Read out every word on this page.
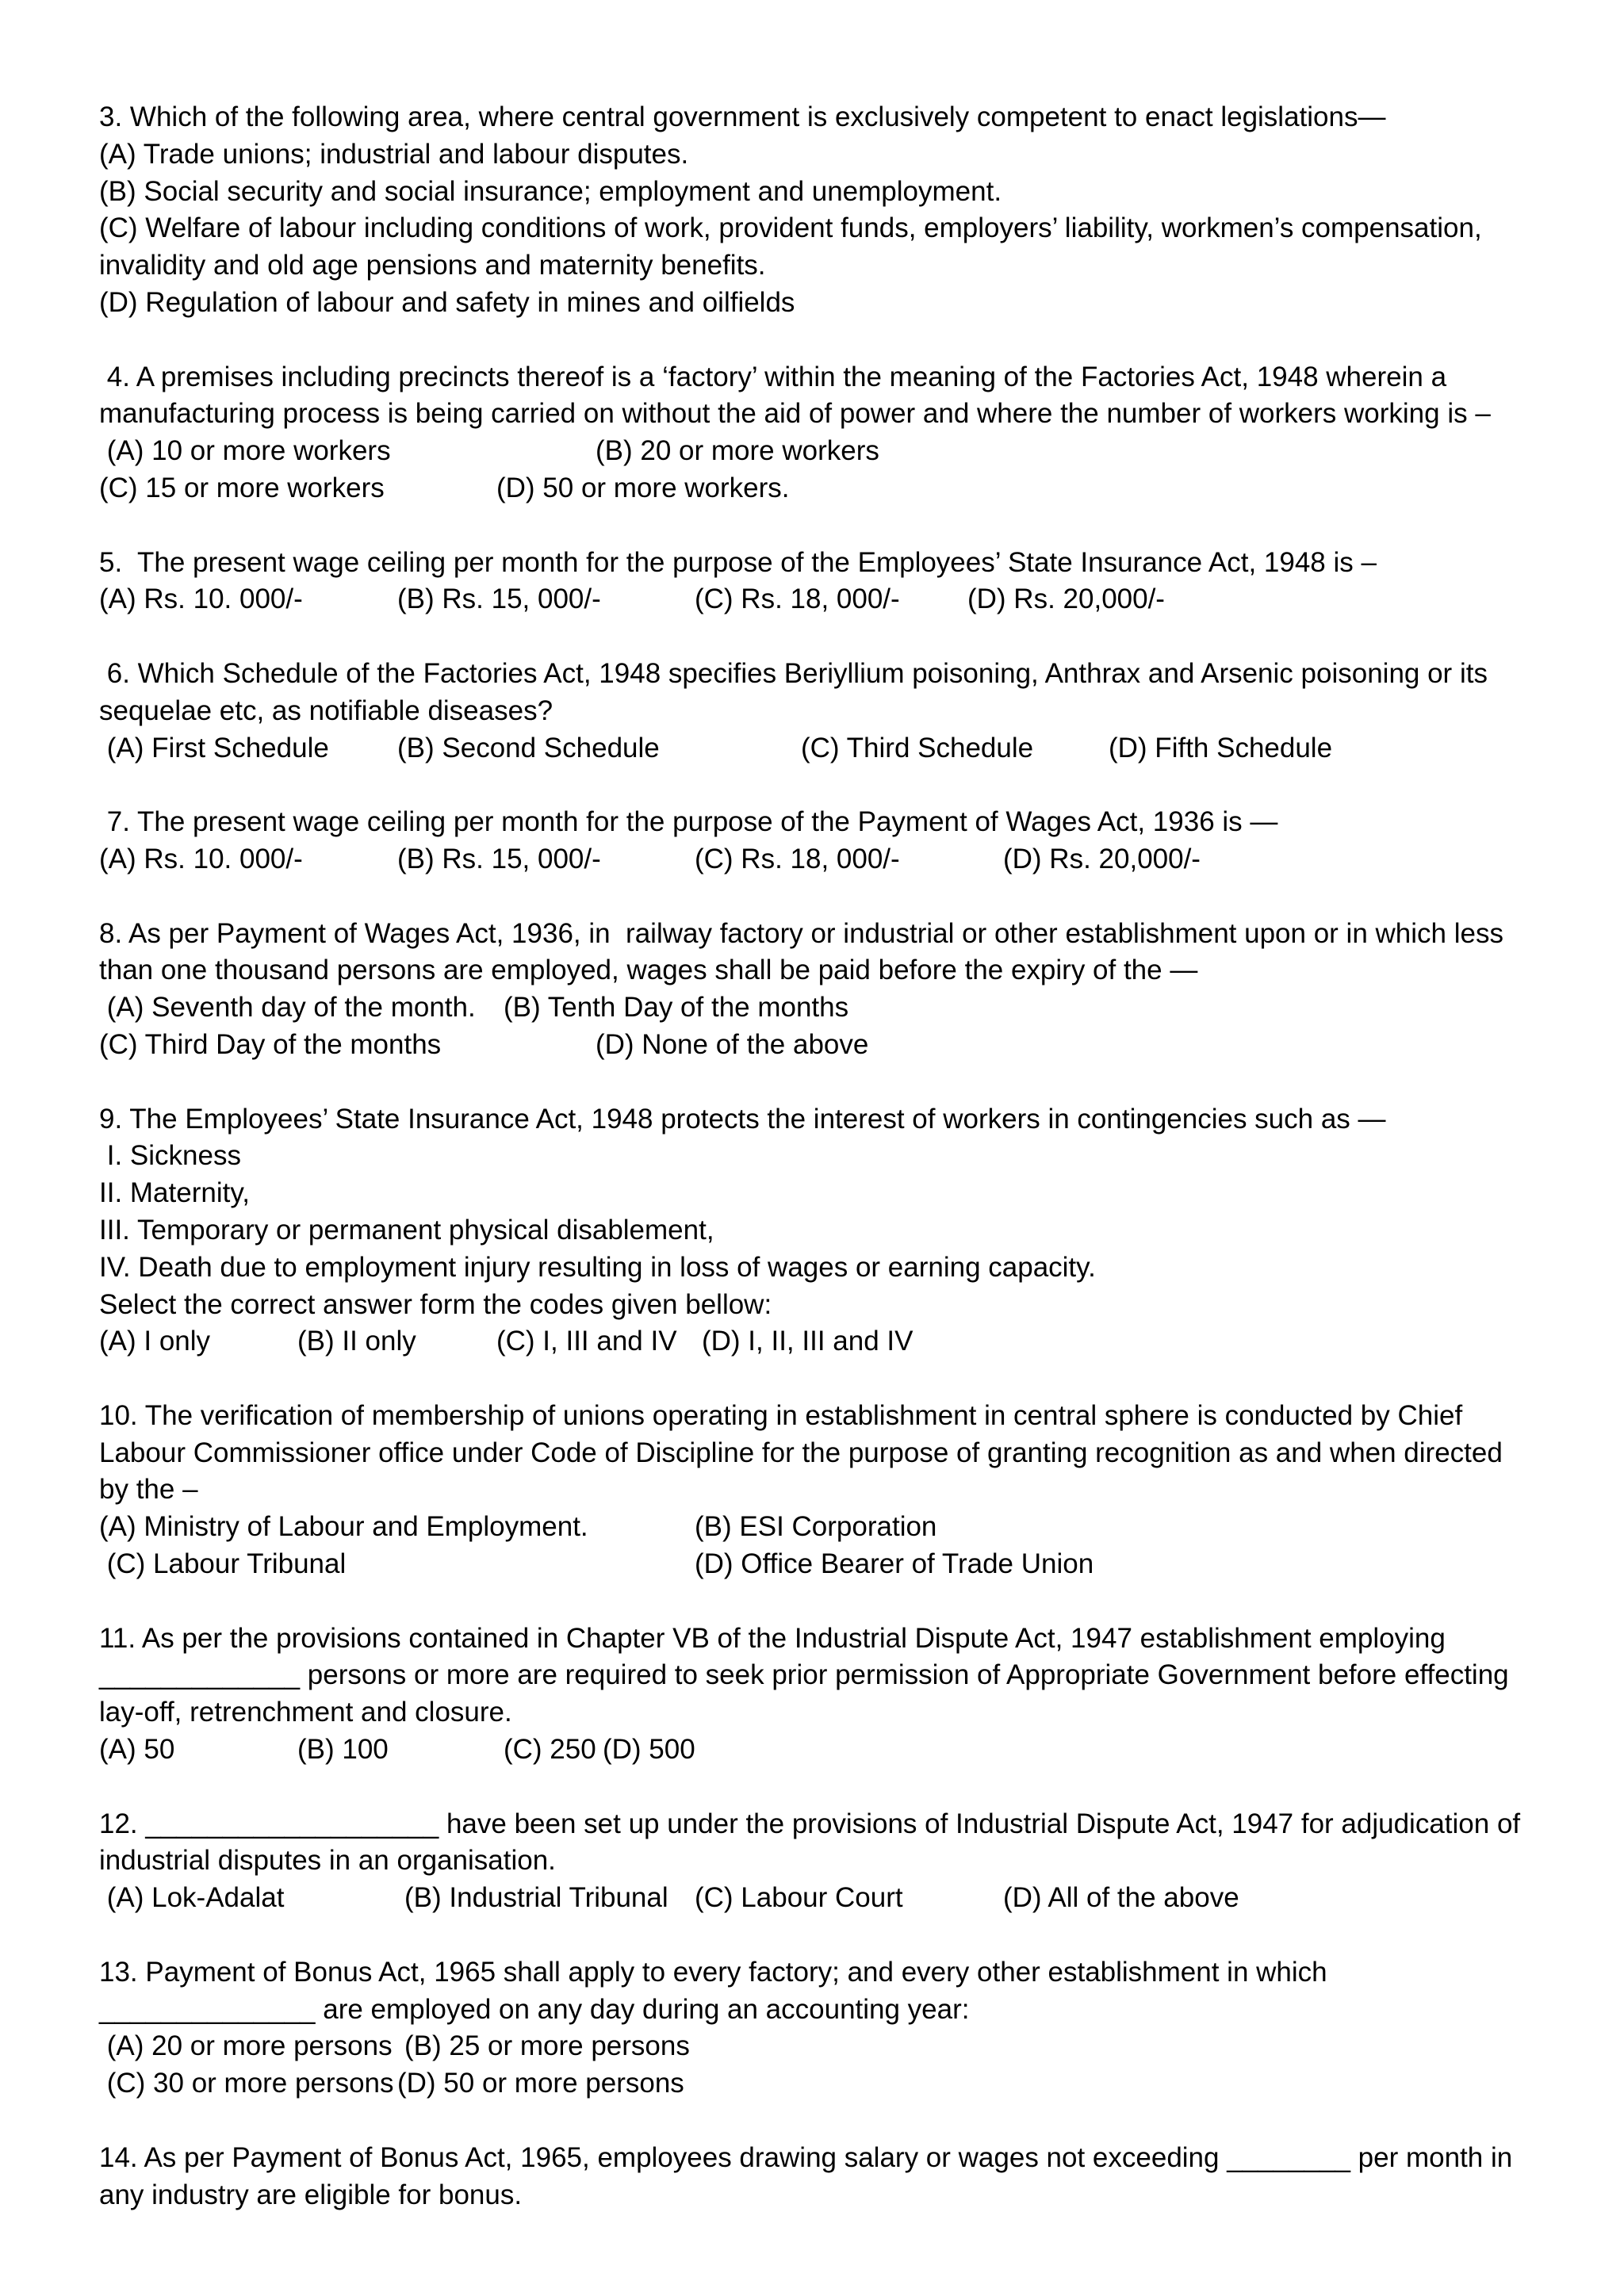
3. Which of the following area, where central government is exclusively competent to enact legislations—
(A) Trade unions; industrial and labour disputes.
(B) Social security and social insurance; employment and unemployment.
(C) Welfare of labour including conditions of work, provident funds, employers’ liability, workmen’s compensation,
invalidity and old age pensions and maternity benefits.
(D) Regulation of labour and safety in mines and oilfields
4. A premises including precincts thereof is a ‘factory’ within the meaning of the Factories Act, 1948 wherein a
manufacturing process is being carried on without the aid of power and where the number of workers working is –

(A) 10 or more workers

	(B) 20 or more workers

(C) 15 or more workers

	(D) 50 or more workers.

5.  The present wage ceiling per month for the purpose of the Employees’ State Insurance Act, 1948 is –

(A) Rs. 10. 000/-

	(B) Rs. 15, 000/-

	(C) Rs. 18, 000/-

(D) Rs. 20,000/-

6. Which Schedule of the Factories Act, 1948 specifies Beriyllium poisoning, Anthrax and Arsenic poisoning or its
sequelae etc, as notifiable diseases?

(A) First Schedule

(B) Second Schedule

	(C) Third Schedule

	(D) Fifth Schedule

7. The present wage ceiling per month for the purpose of the Payment of Wages Act, 1936 is —

(A) Rs. 10. 000/-

	(B) Rs. 15, 000/-

	(C) Rs. 18, 000/-

	(D) Rs. 20,000/-

8. As per Payment of Wages Act, 1936, in  railway factory or industrial or other establishment upon or in which less
than one thousand persons are employed, wages shall be paid before the expiry of the —

(A) Seventh day of the month.

(B) Tenth Day of the months

(C) Third Day of the months

	(D) None of the above

9. The Employees’ State Insurance Act, 1948 protects the interest of workers in contingencies such as —
I. Sickness
II. Maternity,
III. Temporary or permanent physical disablement,
IV. Death due to employment injury resulting in loss of wages or earning capacity.
Select the correct answer form the codes given bellow:

(A) I only

	(B) II only

	(C) I, III and IV

(D) I, II, III and IV

10. The verification of membership of unions operating in establishment in central sphere is conducted by Chief
Labour Commissioner office under Code of Discipline for the purpose of granting recognition as and when directed
by the –

(A) Ministry of Labour and Employment.

	(B) ESI Corporation

(C) Labour Tribunal

	(D) Office Bearer of Trade Union

11. As per the provisions contained in Chapter VB of the Industrial Dispute Act, 1947 establishment employing
_____________ persons or more are required to seek prior permission of Appropriate Government before effecting
lay-off, retrenchment and closure.

(A) 50

	(B) 100

	(C) 250

(D) 500

12. ___________________ have been set up under the provisions of Industrial Dispute Act, 1947 for adjudication of
industrial disputes in an organisation.

(A) Lok-Adalat

	(B) Industrial Tribunal

(C) Labour Court

	(D) All of the above

13. Payment of Bonus Act, 1965 shall apply to every factory; and every other establishment in which
______________ are employed on any day during an accounting year:

(A) 20 or more persons

(B) 25 or more persons

(C) 30 or more persons

(D) 50 or more persons

14. As per Payment of Bonus Act, 1965, employees drawing salary or wages not exceeding ________ per month in
any industry are eligible for bonus.
